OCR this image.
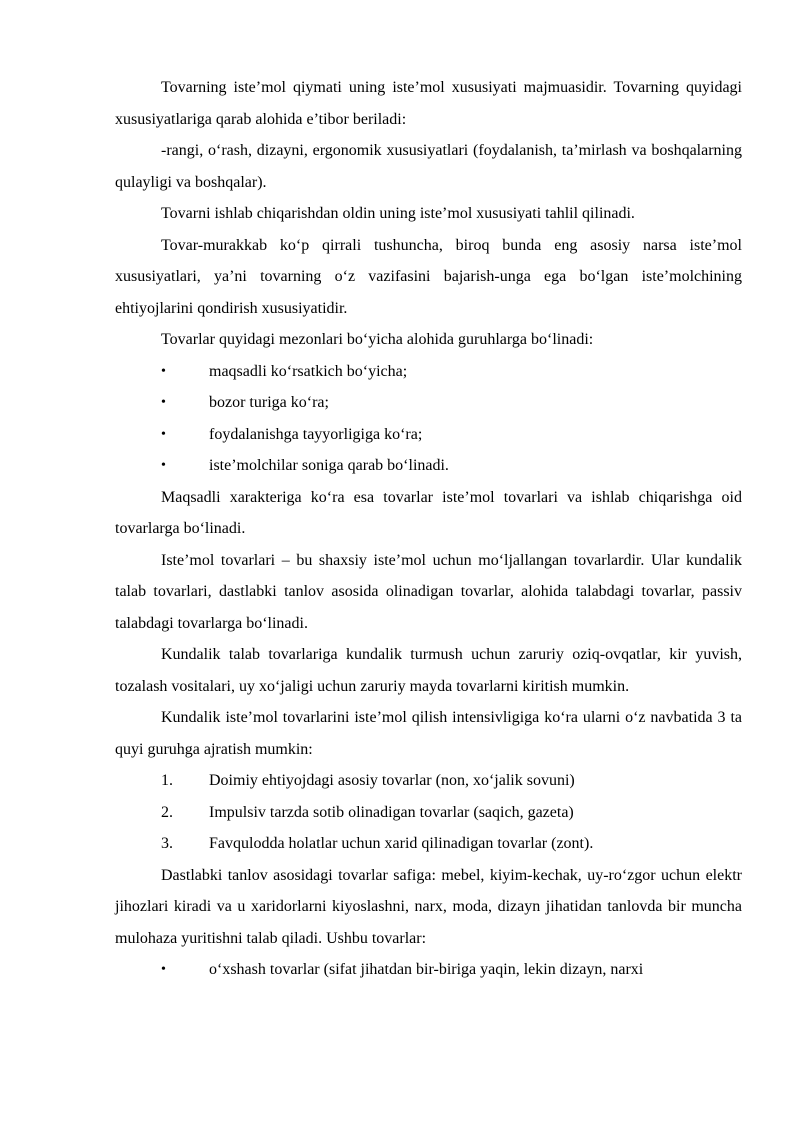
Tovarning iste’mol qiymati uning iste’mol xususiyati majmuasidir. Tovarning quyidagi xususiyatlariga qarab alohida e’tibor beriladi:

-rangi, o‘rash, dizayni, ergonomik xususiyatlari (foydalanish, ta’mirlash va boshqalarning qulayligi va boshqalar).

Tovarni ishlab chiqarishdan oldin uning iste’mol xususiyati tahlil qilinadi.

Tovar-murakkab ko‘p qirrali tushuncha, biroq bunda eng asosiy narsa iste’mol xususiyatlari, ya’ni tovarning o‘z vazifasini bajarish-unga ega bo‘lgan iste’molchining ehtiyojlarini qondirish xususiyatidir.

Tovarlar quyidagi mezonlari bo‘yicha alohida guruhlarga bo‘linadi:

•	maqsadli ko‘rsatkich bo‘yicha;
•	bozor turiga ko‘ra;
•	foydalanishga tayyorligiga ko‘ra;
•	iste’molchilar soniga qarab bo‘linadi.

Maqsadli xarakteriga ko‘ra esa tovarlar iste’mol tovarlari va ishlab chiqarishga oid tovarlarga bo‘linadi.

Iste’mol tovarlari – bu shaxsiy iste’mol uchun mo‘ljallangan tovarlardir. Ular kundalik talab tovarlari, dastlabki tanlov asosida olinadigan tovarlar, alohida talabdagi tovarlar, passiv talabdagi tovarlarga bo‘linadi.

Kundalik talab tovarlariga kundalik turmush uchun zaruriy oziq-ovqatlar, kir yuvish, tozalash vositalari, uy xo‘jaligi uchun zaruriy mayda tovarlarni kiritish mumkin.

Kundalik iste’mol tovarlarini iste’mol qilish intensivligiga ko‘ra ularni o‘z navbatida 3 ta quyi guruhga ajratish mumkin:

1. Doimiy ehtiyojdagi asosiy tovarlar (non, xo‘jalik sovuni)
2. Impulsiv tarzda sotib olinadigan tovarlar (saqich, gazeta)
3. Favqulodda holatlar uchun xarid qilinadigan tovarlar (zont).

Dastlabki tanlov asosidagi tovarlar safiga: mebel, kiyim-kechak, uy-ro‘zgor uchun elektr jihozlari kiradi va u xaridorlarni kiyoslashni, narx, moda, dizayn jihatidan tanlovda bir muncha mulohaza yuritishni talab qiladi. Ushbu tovarlar:

•	o‘xshash tovarlar (sifat jihatdan bir-biriga yaqin, lekin dizayn, narxi
